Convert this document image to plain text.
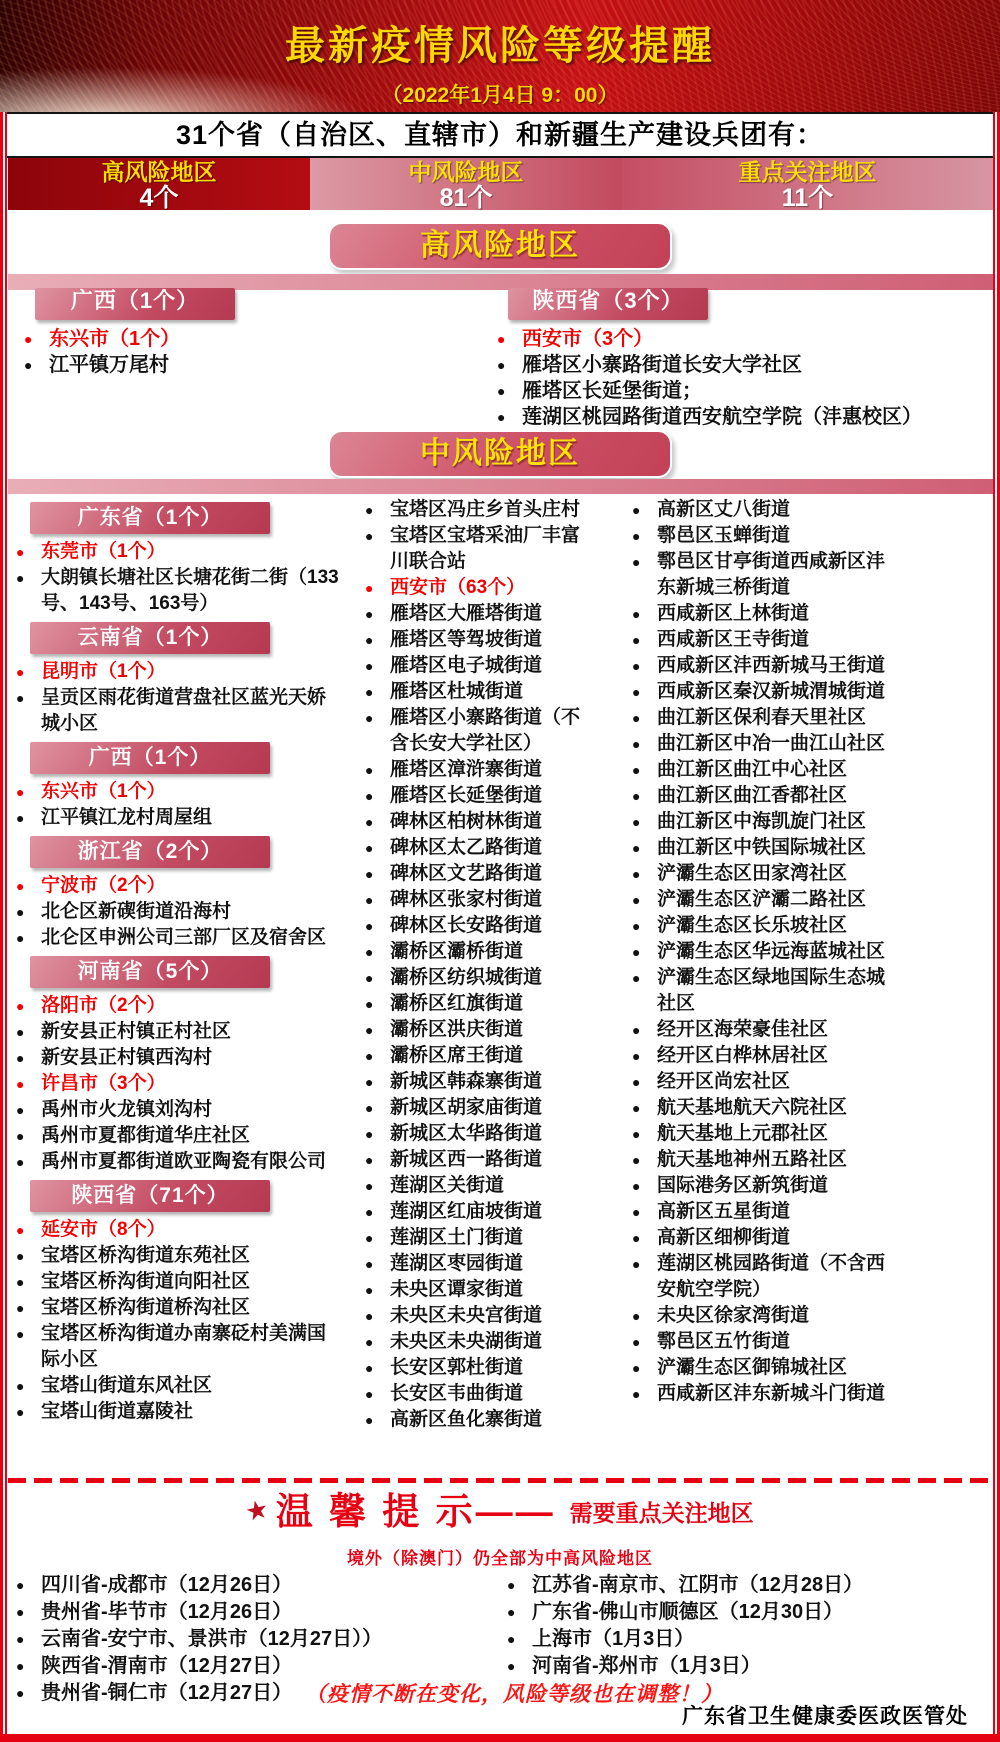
最新疫情风险等级提醒
（2022年1月4日 9：00）
31个省（自治区、直辖市）和新疆生产建设兵团有：
高风险地区
4个
中风险地区
81个
重点关注地区
11个
高风险地区
广西（1个）
● 东兴市（1个）
● 江平镇万尾村
陕西省（3个）
● 西安市（3个）
● 雁塔区小寨路街道长安大学社区
● 雁塔区长延堡街道；
● 莲湖区桃园路街道西安航空学院（沣惠校区）
中风险地区
广东省（1个）
● 东莞市（1个）
● 大朗镇长塘社区长塘花街二街（133号、143号、163号）
云南省（1个）
● 昆明市（1个）
● 呈贡区雨花街道营盘社区蓝光天娇城小区
广西（1个）
● 东兴市（1个）
● 江平镇江龙村周屋组
浙江省（2个）
● 宁波市（2个）
● 北仑区新碶街道沿海村
● 北仑区申洲公司三部厂区及宿舍区
河南省（5个）
● 洛阳市（2个）
● 新安县正村镇正村社区
● 新安县正村镇西沟村
● 许昌市（3个）
● 禹州市火龙镇刘沟村
● 禹州市夏都街道华庄社区
● 禹州市夏都街道欧亚陶瓷有限公司
陕西省（71个）
● 延安市（8个）
● 宝塔区桥沟街道东苑社区
● 宝塔区桥沟街道向阳社区
● 宝塔区桥沟街道桥沟社区
● 宝塔区桥沟街道办南寨砭村美满国际小区
● 宝塔山街道东风社区
● 宝塔山街道嘉陵社
● 宝塔区冯庄乡首头庄村
● 宝塔区宝塔采油厂丰富川联合站
● 西安市（63个）
● 雁塔区大雁塔街道
● 雁塔区等驾坡街道
● 雁塔区电子城街道
● 雁塔区杜城街道
● 雁塔区小寨路街道（不含长安大学社区）
● 雁塔区漳浒寨街道
● 雁塔区长延堡街道
● 碑林区柏树林街道
● 碑林区太乙路街道
● 碑林区文艺路街道
● 碑林区张家村街道
● 碑林区长安路街道
● 灞桥区灞桥街道
● 灞桥区纺织城街道
● 灞桥区红旗街道
● 灞桥区洪庆街道
● 灞桥区席王街道
● 新城区韩森寨街道
● 新城区胡家庙街道
● 新城区太华路街道
● 新城区西一路街道
● 莲湖区关街道
● 莲湖区红庙坡街道
● 莲湖区土门街道
● 莲湖区枣园街道
● 未央区谭家街道
● 未央区未央宫街道
● 未央区未央湖街道
● 长安区郭杜街道
● 长安区韦曲街道
● 高新区鱼化寨街道
● 高新区丈八街道
● 鄠邑区玉蝉街道
● 鄠邑区甘亭街道西咸新区沣东新城三桥街道
● 西咸新区上林街道
● 西咸新区王寺街道
● 西咸新区沣西新城马王街道
● 西咸新区秦汉新城渭城街道
● 曲江新区保利春天里社区
● 曲江新区中冶一曲江山社区
● 曲江新区曲江中心社区
● 曲江新区曲江香都社区
● 曲江新区中海凯旋门社区
● 曲江新区中铁国际城社区
● 浐灞生态区田家湾社区
● 浐灞生态区浐灞二路社区
● 浐灞生态区长乐坡社区
● 浐灞生态区华远海蓝城社区
● 浐灞生态区绿地国际生态城社区
● 经开区海荣豪佳社区
● 经开区白桦林居社区
● 经开区尚宏社区
● 航天基地航天六院社区
● 航天基地上元郡社区
● 航天基地神州五路社区
● 国际港务区新筑街道
● 高新区五星街道
● 高新区细柳街道
● 莲湖区桃园路街道（不含西安航空学院）
● 未央区徐家湾街道
● 鄠邑区五竹街道
● 浐灞生态区御锦城社区
● 西咸新区沣东新城斗门街道
★ 温 馨 提 示—— 需要重点关注地区
境外（除澳门）仍全部为中高风险地区
● 四川省-成都市（12月26日）
● 贵州省-毕节市（12月26日）
● 云南省-安宁市、景洪市（12月27日））
● 陕西省-渭南市（12月27日）
● 贵州省-铜仁市（12月27日）
● 江苏省-南京市、江阴市（12月28日）
● 广东省-佛山市顺德区（12月30日）
● 上海市（1月3日）
● 河南省-郑州市（1月3日）
（疫情不断在变化，风险等级也在调整！）
广东省卫生健康委医政医管处
